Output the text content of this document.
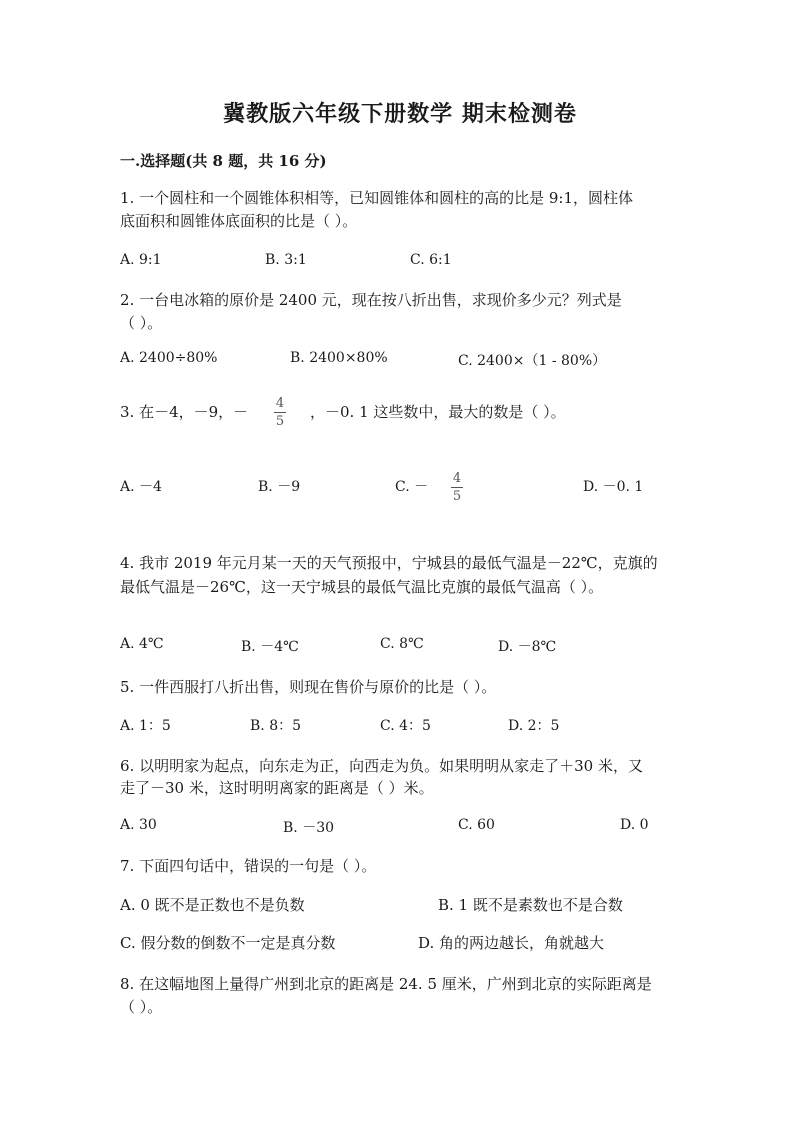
冀教版六年级下册数学 期末检测卷
一.选择题(共 8 题，共 16 分)
1. 一个圆柱和一个圆锥体积相等，已知圆锥体和圆柱的高的比是 9:1，圆柱体
底面积和圆锥体底面积的比是（ ）。
A. 9:1	B. 3:1	C. 6:1
2. 一台电冰箱的原价是 2400 元，现在按八折出售，求现价多少元？列式是
（ ）。
A. 2400÷80%	B. 2400×80%	C. 2400×（1 - 80%）
3. 在－4，－9，－ 4
5
，－0. 1 这些数中，最大的数是（ ）。
A. －4	B. －9	C. －
4
5
D. －0. 1
4. 我市 2019 年元月某一天的天气预报中，宁城县的最低气温是－22℃，克旗的
最低气温是－26℃，这一天宁城县的最低气温比克旗的最低气温高（ ）。
A. 4℃	B. －4℃	C. 8℃	D. －8℃
5. 一件西服打八折出售，则现在售价与原价的比是（ ）。
A. 1：5	B. 8：5	C. 4：5	D. 2：5
6. 以明明家为起点，向东走为正，向西走为负。如果明明从家走了＋30 米，又
走了－30 米，这时明明离家的距离是（ ）米。
A. 30	B. －30	C. 60	D. 0
7. 下面四句话中，错误的一句是（ ）。
A. 0 既不是正数也不是负数	B. 1 既不是素数也不是合数
C. 假分数的倒数不一定是真分数	D. 角的两边越长，角就越大
8. 在这幅地图上量得广州到北京的距离是 24. 5 厘米，广州到北京的实际距离是
（ ）。
